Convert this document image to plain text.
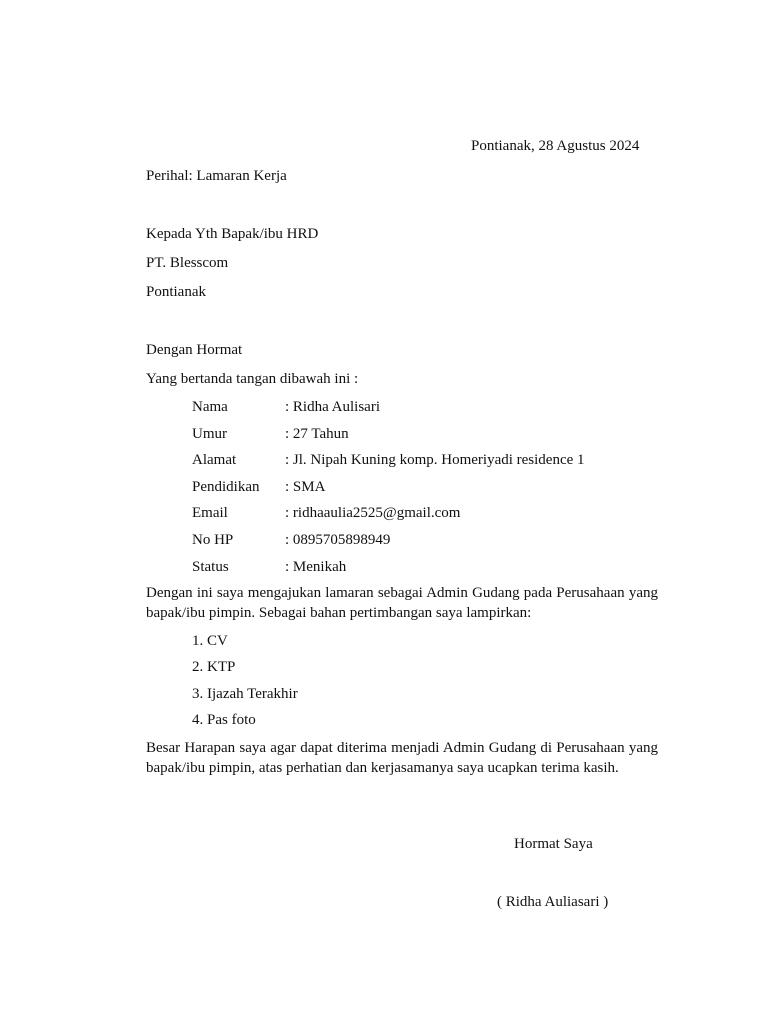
Pontianak, 28 Agustus 2024
Perihal: Lamaran Kerja
Kepada Yth Bapak/ibu HRD
PT. Blesscom
Pontianak
Dengan Hormat
Yang bertanda tangan dibawah ini :
Nama	: Ridha Aulisari
Umur	: 27 Tahun
Alamat	: Jl. Nipah Kuning komp. Homeriyadi residence 1
Pendidikan : SMA
Email	: ridhaaulia2525@gmail.com
No HP	: 0895705898949
Status	: Menikah
Dengan ini saya mengajukan lamaran sebagai Admin Gudang pada Perusahaan yang bapak/ibu pimpin. Sebagai bahan pertimbangan saya lampirkan:
1. CV
2. KTP
3. Ijazah Terakhir
4. Pas foto
Besar Harapan saya agar dapat diterima menjadi Admin Gudang di Perusahaan yang bapak/ibu pimpin, atas perhatian dan kerjasamanya saya ucapkan terima kasih.
Hormat Saya
( Ridha Auliasari )
